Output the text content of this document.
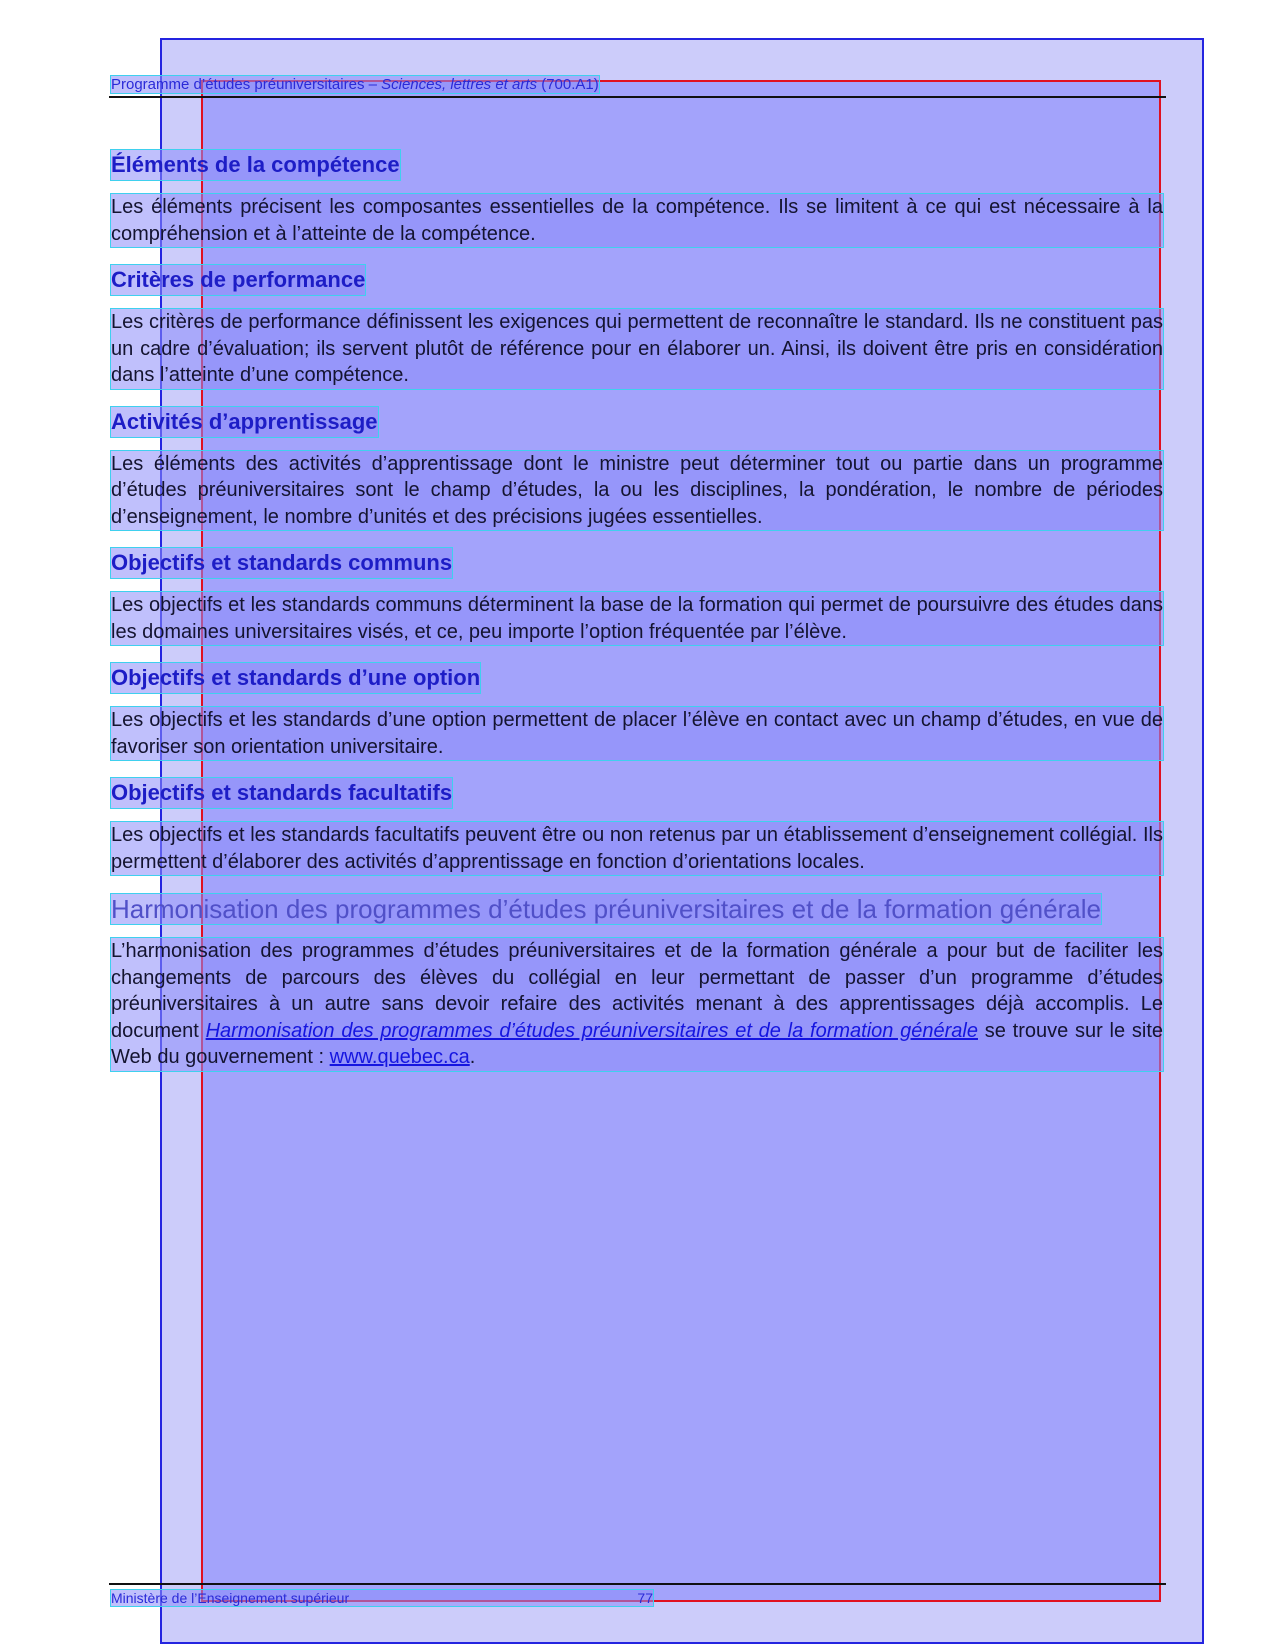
Programme d’études préuniversitaires – Sciences, lettres et arts (700.A1)
Éléments de la compétence

Les éléments précisent les composantes essentielles de la compétence. Ils se limitent à ce qui est nécessaire à la compréhension et à l’atteinte de la compétence.

Critères de performance

Les critères de performance définissent les exigences qui permettent de reconnaître le standard. Ils ne constituent pas un cadre d’évaluation; ils servent plutôt de référence pour en élaborer un. Ainsi, ils doivent être pris en considération dans l’atteinte d’une compétence.

Activités d’apprentissage

Les éléments des activités d’apprentissage dont le ministre peut déterminer tout ou partie dans un programme d’études préuniversitaires sont le champ d’études, la ou les disciplines, la pondération, le nombre de périodes d’enseignement, le nombre d’unités et des précisions jugées essentielles.

Objectifs et standards communs

Les objectifs et les standards communs déterminent la base de la formation qui permet de poursuivre des études dans les domaines universitaires visés, et ce, peu importe l’option fréquentée par l’élève.

Objectifs et standards d’une option

Les objectifs et les standards d’une option permettent de placer l’élève en contact avec un champ d’études, en vue de favoriser son orientation universitaire.

Objectifs et standards facultatifs

Les objectifs et les standards facultatifs peuvent être ou non retenus par un établissement d’enseignement collégial. Ils permettent d’élaborer des activités d’apprentissage en fonction d’orientations locales.

Harmonisation des programmes d’études préuniversitaires et de la formation générale

L’harmonisation des programmes d’études préuniversitaires et de la formation générale a pour but de faciliter les changements de parcours des élèves du collégial en leur permettant de passer d’un programme d’études préuniversitaires à un autre sans devoir refaire des activités menant à des apprentissages déjà accomplis. Le document Harmonisation des programmes d’études préuniversitaires et de la formation générale se trouve sur le site Web du gouvernement : www.quebec.ca.

Ministère de l’Enseignement supérieur	77
